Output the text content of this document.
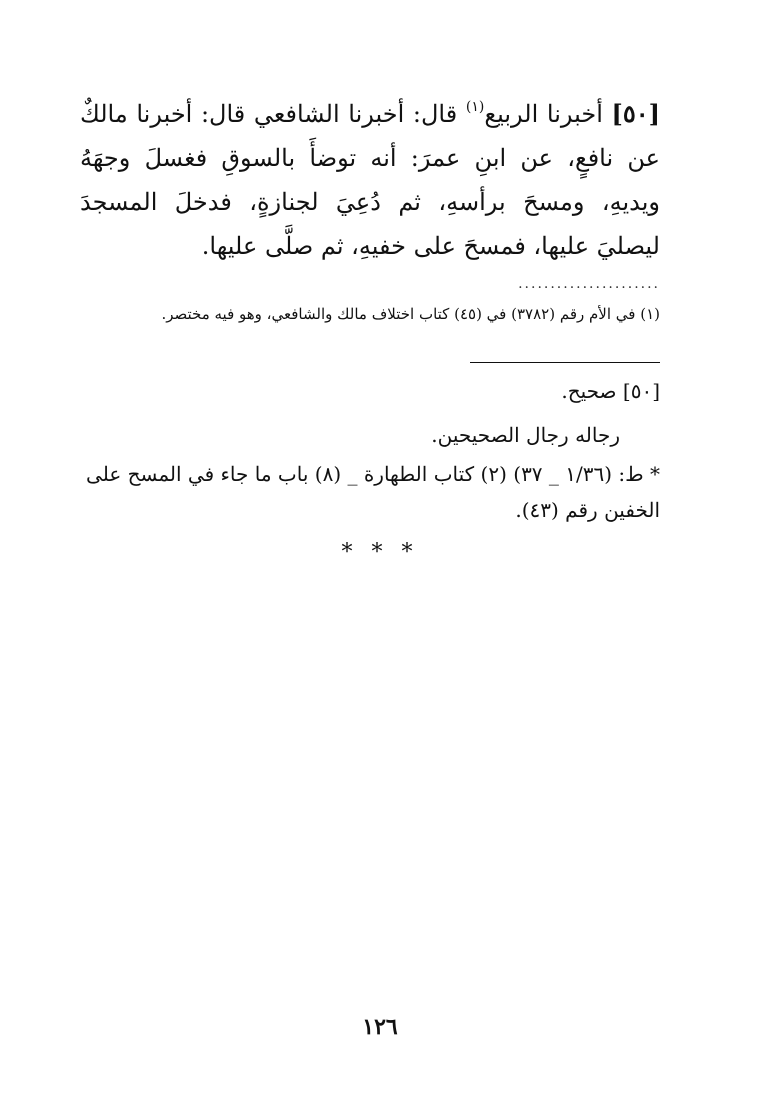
[٥٠] أخبرنا الربيع$^{(١)}$ قال: أخبرنا الشافعي قال: أخبرنا مالكٌ عن نافعٍ، عن ابنِ عمرَ: أنه توضأَ بالسوقِ فغسلَ وجهَهُ ويديهِ، ومسحَ برأسهِ، ثم دُعِيَ لجنازةٍ، فدخلَ المسجدَ ليصليَ عليها، فمسحَ على خفيهِ، ثم صلَّى عليها.

......................

(١) في الأم رقم (٣٧٨٢) في (٤٥) كتاب اختلاف مالك والشافعي، وهو فيه مختصر.

[٥٠] صحيح.
رجاله رجال الصحيحين.

* ط: (١/٣٦ _ ٣٧) (٢) كتاب الطهارة _ (٨) باب ما جاء في المسح على الخفين رقم (٤٣).

* * *
١٢٦
